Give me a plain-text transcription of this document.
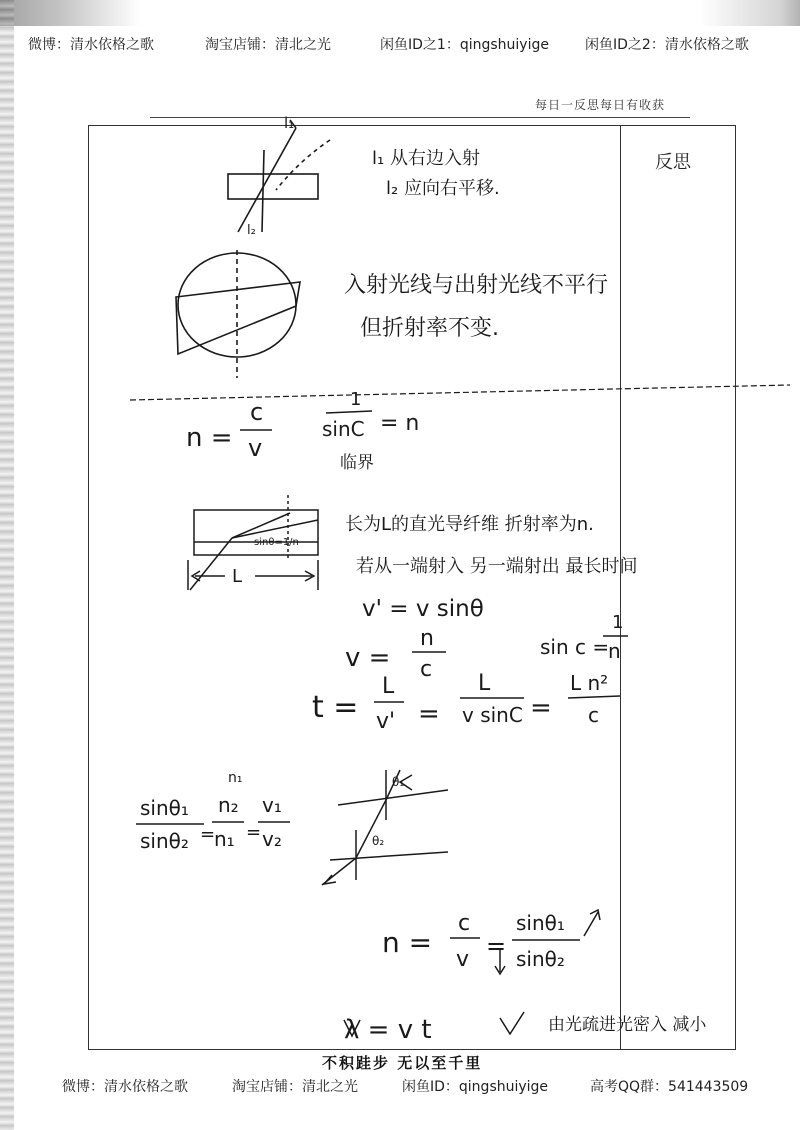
微博：清水依格之歌	淘宝店铺：清北之光	闲鱼ID之1：qingshuiyige	闲鱼ID之2：清水依格之歌
每日一反思每日有收获
反思
l₁
l₂
l₁ 从右边入射
l₂ 应向右平移.
入射光线与出射光线不平行
但折射率不变.
n =
c
v
1
sinC = n
临界
sinθ=1/n
L
长为L的直光导纤维 折射率为n.
若从一端射入 另一端射出 最长时间
v' = v sinθ
v =
n
c
sin c =
1
n
t =
L
v' =
L
v sinC =
L n²
c
n₁
sinθ₁
sinθ₂ =
n₂
n₁ =
v₁
v₂
θ₁
θ₂
n =
c
v =
sinθ₁
sinθ₂
λ = v t	由光疏进光密入 减小
不积跬步 无以至千里
微博：清水依格之歌	淘宝店铺：清北之光	闲鱼ID：qingshuiyige	高考QQ群：541443509
